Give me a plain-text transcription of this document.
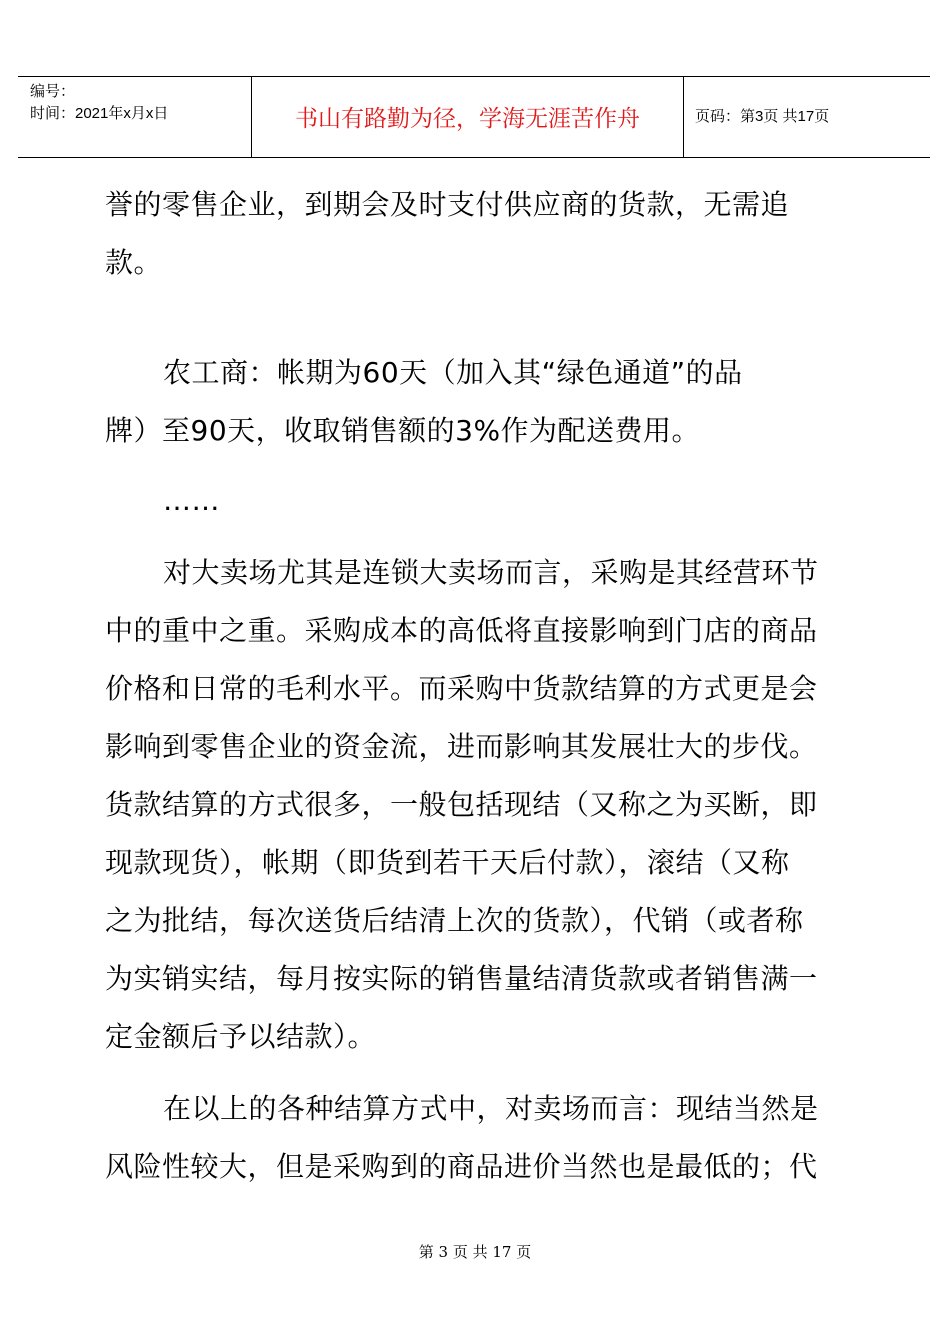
编号：
时间：2021年x月x日	书山有路勤为径，学海无涯苦作舟	页码：第3页 共17页

誉的零售企业，到期会及时支付供应商的货款，无需追款。

农工商：帐期为60天（加入其“绿色通道”的品
牌）至90天，收取销售额的3%作为配送费用。

……

对大卖场尤其是连锁大卖场而言，采购是其经营环节
中的重中之重。采购成本的高低将直接影响到门店的商品
价格和日常的毛利水平。而采购中货款结算的方式更是会
影响到零售企业的资金流，进而影响其发展壮大的步伐。
货款结算的方式很多，一般包括现结（又称之为买断，即
现款现货），帐期（即货到若干天后付款），滚结（又称
之为批结，每次送货后结清上次的货款），代销（或者称
为实销实结，每月按实际的销售量结清货款或者销售满一
定金额后予以结款）。

在以上的各种结算方式中，对卖场而言：现结当然是
风险性较大，但是采购到的商品进价当然也是最低的；代

第 3 页 共 17 页
